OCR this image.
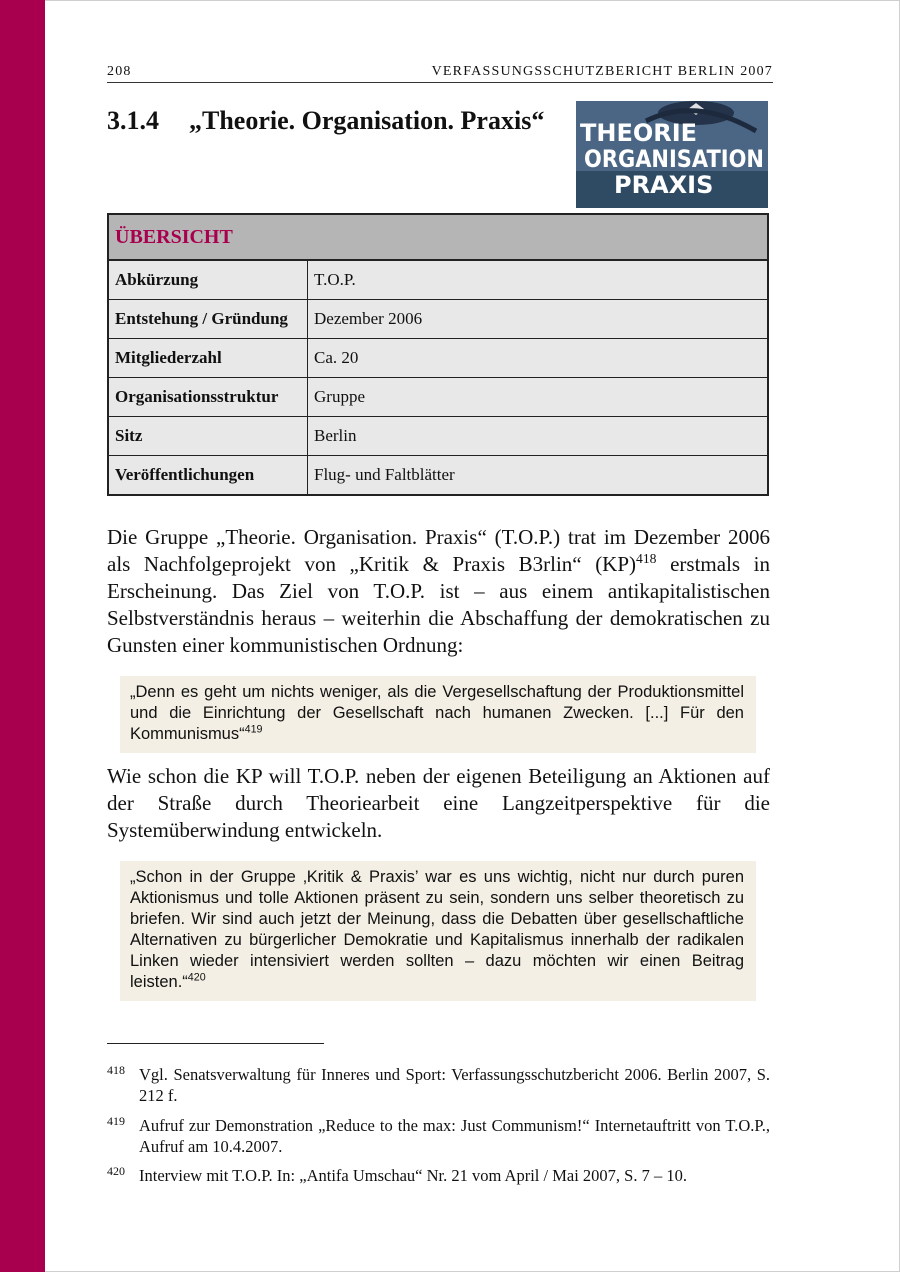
208	VERFASSUNGSSCHUTZBERICHT BERLIN 2007
3.1.4 „Theorie. Organisation. Praxis“ THEORIE
ORGANISATION
PRAXIS
ÜBERSICHT	
Abkürzung	T.O.P.
Entstehung / Gründung	Dezember 2006
Mitgliederzahl	Ca. 20
Organisationsstruktur	Gruppe
Sitz	Berlin
Veröffentlichungen	Flug- und Faltblätter
Die Gruppe „Theorie. Organisation. Praxis“ (T.O.P.) trat im Dezember 2006 als Nachfolgeprojekt von „Kritik & Praxis B3rlin“ (KP)$^{418}$ erstmals in Erscheinung. Das Ziel von T.O.P. ist – aus einem antikapitalistischen Selbstverständnis heraus – weiterhin die Abschaffung der demokratischen zu Gunsten einer kommunistischen Ordnung:
„Denn es geht um nichts weniger, als die Vergesellschaftung der Produktionsmittel und die Einrichtung der Gesellschaft nach humanen Zwecken. [...] Für den Kommunismus“$^{419}$
Wie schon die KP will T.O.P. neben der eigenen Beteiligung an Aktionen auf der Straße durch Theoriearbeit eine Langzeitperspektive für die Systemüberwindung entwickeln.
„Schon in der Gruppe ‚Kritik & Praxis’ war es uns wichtig, nicht nur durch puren Aktionismus und tolle Aktionen präsent zu sein, sondern uns selber theoretisch zu briefen. Wir sind auch jetzt der Meinung, dass die Debatten über gesellschaftliche Alternativen zu bürgerlicher Demokratie und Kapitalismus innerhalb der radikalen Linken wieder intensiviert werden sollten – dazu möchten wir einen Beitrag leisten.“$^{420}$
418 Vgl. Senatsverwaltung für Inneres und Sport: Verfassungsschutzbericht 2006. Berlin 2007, S. 212 f.
419 Aufruf zur Demonstration „Reduce to the max: Just Communism!“ Internetauftritt von T.O.P., Aufruf am 10.4.2007.
420 Interview mit T.O.P. In: „Antifa Umschau“ Nr. 21 vom April / Mai 2007, S. 7 – 10.
